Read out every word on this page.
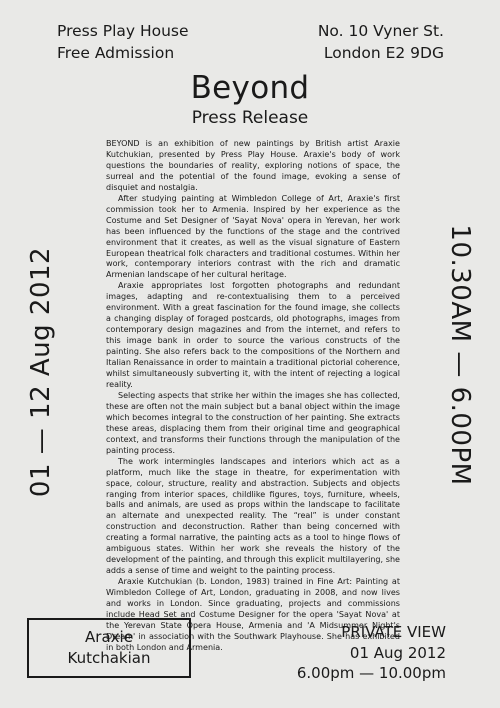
Press Play House
Free Admission
No. 10 Vyner St.
London E2 9DG
Beyond
Press Release

BEYOND is an exhibition of new paintings by British artist Araxie Kutchukian, presented by Press Play House. Araxie's body of work questions the boundaries of reality, exploring notions of space, the surreal and the potential of the found image, evoking a sense of disquiet and nostalgia.

After studying painting at Wimbledon College of Art, Araxie's first commission took her to Armenia. Inspired by her experience as the Costume and Set Designer of 'Sayat Nova' opera in Yerevan, her work has been influenced by the functions of the stage and the contrived environment that it creates, as well as the visual signature of Eastern European theatrical folk characters and traditional costumes. Within her work, contemporary interiors contrast with the rich and dramatic Armenian landscape of her cultural heritage.

Araxie appropriates lost forgotten photographs and redundant images, adapting and re-contextualising them to a perceived environment. With a great fascination for the found image, she collects a changing display of foraged postcards, old photographs, images from contemporary design magazines and from the internet, and refers to this image bank in order to source the various constructs of the painting. She also refers back to the compositions of the Northern and Italian Renaissance in order to maintain a traditional pictorial coherence, whilst simultaneously subverting it, with the intent of rejecting a logical reality.

Selecting aspects that strike her within the images she has collected, these are often not the main subject but a banal object within the image which becomes integral to the construction of her painting. She extracts these areas, displacing them from their original time and geographical context, and transforms their functions through the manipulation of the painting process.

The work intermingles landscapes and interiors which act as a platform, much like the stage in theatre, for experimentation with space, colour, structure, reality and abstraction. Subjects and objects ranging from interior spaces, childlike figures, toys, furniture, wheels, balls and animals, are used as props within the landscape to facilitate an alternate and unexpected reality. The “real” is under constant construction and deconstruction. Rather than being concerned with creating a formal narrative, the painting acts as a tool to hinge flows of ambiguous states. Within her work she reveals the history of the development of the painting, and through this explicit multilayering, she adds a sense of time and weight to the painting process.

Araxie Kutchukian (b. London, 1983) trained in Fine Art: Painting at Wimbledon College of Art, London, graduating in 2008, and now lives and works in London. Since graduating, projects and commissions include Head Set and Costume Designer for the opera 'Sayat Nova' at the Yerevan State Opera House, Armenia and 'A Midsummer Night's Dream' in association with the Southwark Playhouse. She has exhibited in both London and Armenia.

01 — 12 Aug 2012	10.30AM — 6.00PM
Araxie
Kutchakian
PRIVATE VIEW
01 Aug 2012
6.00pm — 10.00pm
